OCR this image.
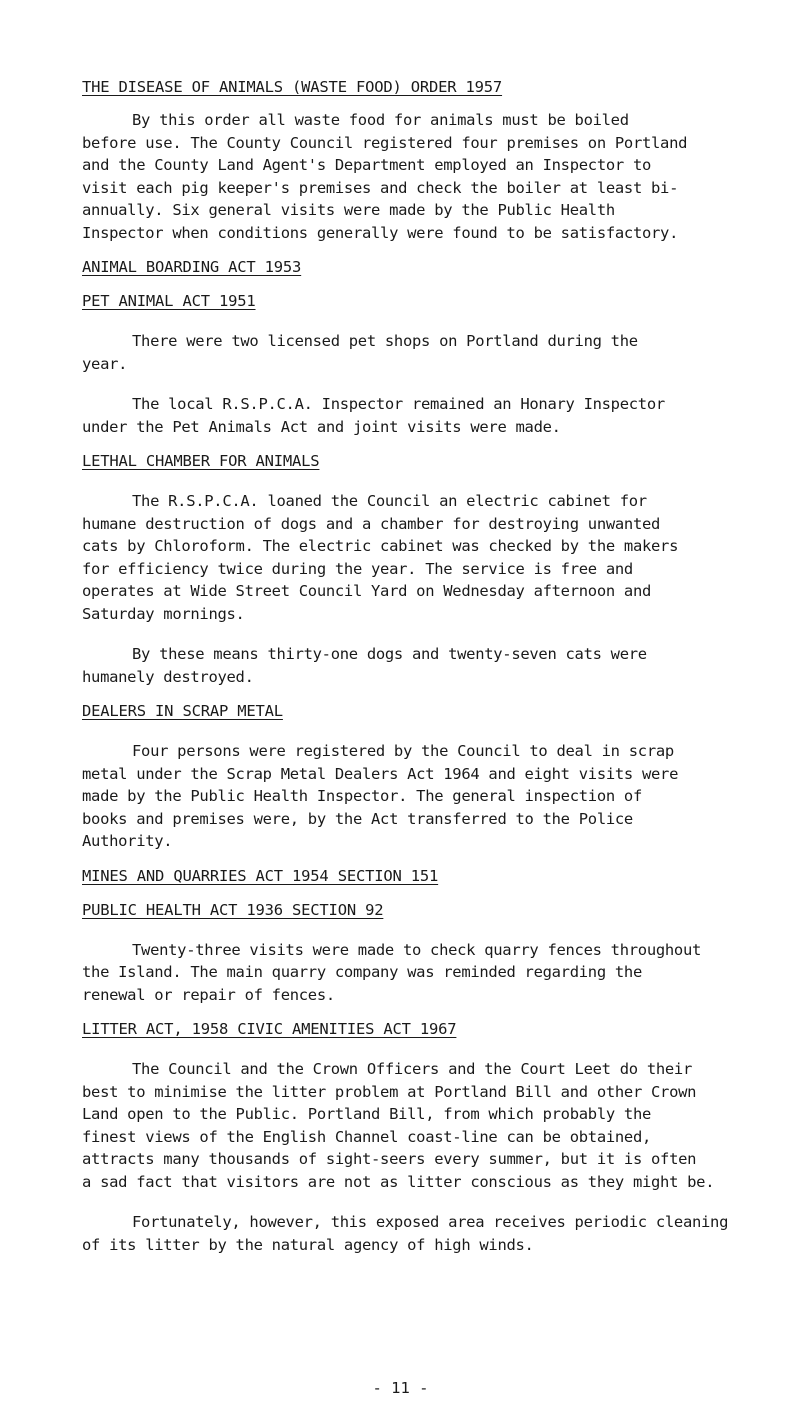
THE DISEASE OF ANIMALS (WASTE FOOD) ORDER 1957

By this order all waste food for animals must be boiled
before use. The County Council registered four premises on Portland
and the County Land Agent's Department employed an Inspector to
visit each pig keeper's premises and check the boiler at least bi-
annually. Six general visits were made by the Public Health
Inspector when conditions generally were found to be satisfactory.

ANIMAL BOARDING ACT 1953
PET ANIMAL ACT 1951

There were two licensed pet shops on Portland during the
year.

The local R.S.P.C.A. Inspector remained an Honary Inspector
under the Pet Animals Act and joint visits were made.

LETHAL CHAMBER FOR ANIMALS

The R.S.P.C.A. loaned the Council an electric cabinet for
humane destruction of dogs and a chamber for destroying unwanted
cats by Chloroform. The electric cabinet was checked by the makers
for efficiency twice during the year. The service is free and
operates at Wide Street Council Yard on Wednesday afternoon and
Saturday mornings.

By these means thirty-one dogs and twenty-seven cats were
humanely destroyed.

DEALERS IN SCRAP METAL

Four persons were registered by the Council to deal in scrap
metal under the Scrap Metal Dealers Act 1964 and eight visits were
made by the Public Health Inspector. The general inspection of
books and premises were, by the Act transferred to the Police
Authority.

MINES AND QUARRIES ACT 1954 SECTION 151
PUBLIC HEALTH ACT 1936 SECTION 92

Twenty-three visits were made to check quarry fences throughout
the Island. The main quarry company was reminded regarding the
renewal or repair of fences.

LITTER ACT, 1958 CIVIC AMENITIES ACT 1967

The Council and the Crown Officers and the Court Leet do their
best to minimise the litter problem at Portland Bill and other Crown
Land open to the Public. Portland Bill, from which probably the
finest views of the English Channel coast-line can be obtained,
attracts many thousands of sight-seers every summer, but it is often
a sad fact that visitors are not as litter conscious as they might be.

Fortunately, however, this exposed area receives periodic cleaning
of its litter by the natural agency of high winds.

- 11 -
